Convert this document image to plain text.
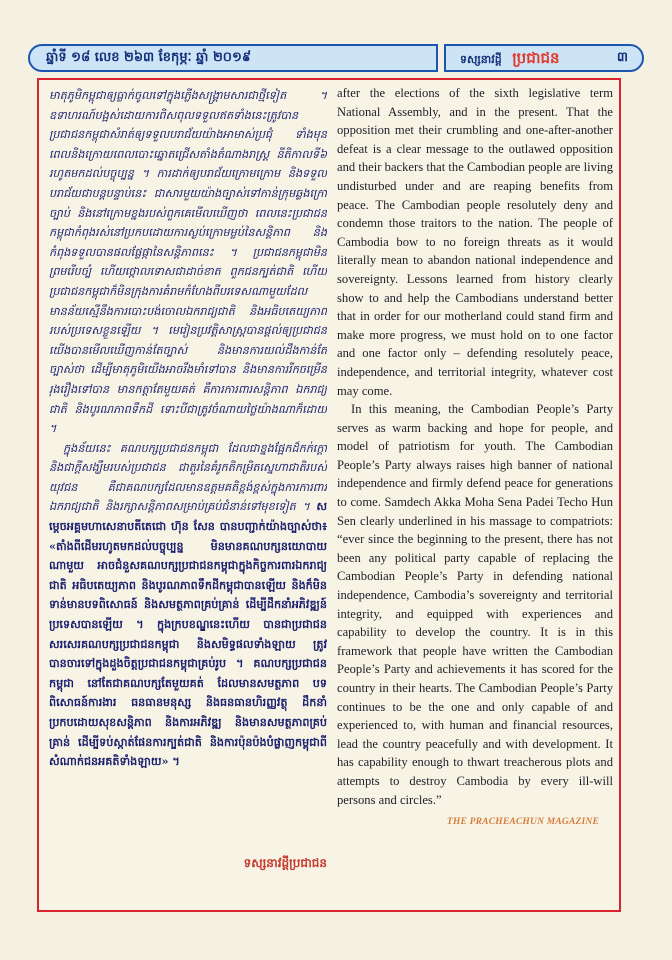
ឆ្នាំទី ១៨ លេខ ២៦៣ ខែកុម្ភៈ ឆ្នាំ ២០១៩	ទស្សនាវដ្តី ប្រជាជន	៣

មាតុភូមិកម្ពុជាឲ្យធ្លាក់ចូលទៅក្នុងភ្លើងសង្គ្រាមសារជាថ្មីទៀត ។ ឧទាហរណ៍បង្អស់ដោយការពិសពុលទទួលឥតទាំងនេះត្រូវបានប្រជាជនកម្ពុជាសំរាត់ឲ្យទទួលបរាជ័យយ៉ាងអាមាស់ប្រជុំ ទាំងមុនពេលនិងក្រោយពេលបោះឆ្នោតជ្រើសតាំងតំណាងរាស្ត្រ នីតិកាលទី៦ រហូតមកដល់បច្ចុប្បន្ន ។ ការដាក់ឲ្យបរាជ័យក្រោមក្រោម និងទទួលបរាជ័យជាបន្តបន្ទាប់នេះ ជាសារមួយយ៉ាងច្បាស់ទៅកាន់ក្រុមឆ្លងក្រៅច្បាប់ និងនៅក្រោមខ្នងរបស់ពួកគេមើលឃើញថា ពេលនេះប្រជាជនកម្ពុជាកំពុងរស់នៅប្រកបដោយការស្ងប់ក្រោមម្លប់នៃសន្តិភាព និងកំពុងទទួលបានផលផ្លែផ្កានៃសន្តិភាពនេះ ។ ប្រជាជនកម្ពុជាមិនព្រមរើបច្បំ ហើយថ្កោលទោសជាដាច់ខាត ពួកជនក្បត់ជាតិ ហើយប្រជាជនកម្ពុជាក៏មិនក្រុងការគំរាមកំហែងពីបរទេសណាមួយដែលមានន័យស្មើនឹងការបោះបង់ចោលឯករាជ្យជាតិ និងអធិបតេយ្យភាពរបស់ប្រទេសខ្លួនឡើយ ។ មេរៀនប្រវត្តិសាស្ត្របានផ្ដល់ឲ្យប្រជាជនយើងបានមើលឃើញកាន់តែច្បាស់ និងមានការយល់ដឹងកាន់តែច្បាស់ថា ដើម្បីមាតុភូមិយើងអាចរឹងមាំទៅបាន និងមានការរីកចម្រើនរុងរឿងទៅបាន មានកត្តាតែមួយគត់ គឺការការពារសន្តិភាព ឯករាជ្យជាតិ និងបូរណភាពទឹកដី ទោះបីជាត្រូវចំណាយថ្លៃយ៉ាងណាក៏ដោយ ។

ក្នុងន័យនេះ គណបក្សប្រជាជនកម្ពុជា ដែលជាខ្នងផ្អែកដ៏កក់ក្ដៅ និងជាក្តីសង្ឃឹមរបស់ប្រជាជន ជាតួរនៃគំរូកតិកម្រិតស្នេហាជាតិរបស់យុវជន គឺជាគណបក្សដែលមានឧត្តមគតិខ្ពង់ខ្ពស់ក្នុងការការពារឯករាជ្យជាតិ និងរក្សាសន្តិភាពសម្រាប់គ្រប់ជំនាន់ទៅមុខទៀត ។ សម្តេចអគ្គមហាសេនាបតីតេជោ ហ៊ុន សែន បានបញ្ជាក់យ៉ាងច្បាស់ថា៖ «តាំងពីដើមរហូតមកដល់បច្ចុប្បន្ន មិនមានគណបក្សនយោបាយណាមួយ អាចជំនួសគណបក្សប្រជាជនកម្ពុជាក្នុងកិច្ចការពារឯករាជ្យជាតិ អធិបតេយ្យភាព និងបូរណភាពទឹកដីកម្ពុជាបានឡើយ និងក៏មិនទាន់មានបទពិសោធន៍ និងសមត្ថភាពគ្រប់គ្រាន់ ដើម្បីដឹកនាំអភិវឌ្ឍន៍ប្រទេសបានឡើយ ។ ក្នុងក្របខណ្ឌនេះហើយ បានជាប្រជាជនសរសេរគណបក្សប្រជាជនកម្ពុជា និងសមិទ្ធផលទាំងឡាយ ត្រូវបានចារទៅក្នុងដួងចិត្តប្រជាជនកម្ពុជាគ្រប់រូប ។ គណបក្សប្រជាជនកម្ពុជា នៅតែជាគណបក្សតែមួយគត់ ដែលមានសមត្ថភាព បទពិសោធន៍ការងារ ធនធានមនុស្ស និងធនធានហិរញ្ញវត្ថុ ដឹកនាំប្រកបដោយសុខសន្តិភាព និងការអភិវឌ្ឍ និងមានសមត្ថភាពគ្រប់គ្រាន់ ដើម្បីទប់ស្កាត់ផែនការក្បត់ជាតិ និងការប៉ុនប៉ងបំផ្លាញកម្ពុជាពីសំណាក់ជនអគតិទាំងឡាយ» ។

ទស្សនាវដ្តីប្រជាជន

after the elections of the sixth legislative term National Assembly, and in the present. That the opposition met their crumbling and one-after-another defeat is a clear message to the outlawed opposition and their backers that the Cambodian people are living undisturbed under and are reaping benefits from peace. The Cambodian people resolutely deny and condemn those traitors to the nation. The people of Cambodia bow to no foreign threats as it would literally mean to abandon national independence and sovereignty. Lessons learned from history clearly show to and help the Cambodians understand better that in order for our motherland could stand firm and make more progress, we must hold on to one factor and one factor only – defending resolutely peace, independence, and territorial integrity, whatever cost may come.

In this meaning, the Cambodian People’s Party serves as warm backing and hope for people, and model of patriotism for youth. The Cambodian People’s Party always raises high banner of national independence and firmly defend peace for generations to come. Samdech Akka Moha Sena Padei Techo Hun Sen clearly underlined in his massage to compatriots: “ever since the beginning to the present, there has not been any political party capable of replacing the Cambodian People’s Party in defending national independence, Cambodia’s sovereignty and territorial integrity, and equipped with experiences and capability to develop the country. It is in this framework that people have written the Cambodian People’s Party and achievements it has scored for the country in their hearts. The Cambodian People’s Party continues to be the one and only capable of and experienced to, with human and financial resources, lead the country peacefully and with development. It has capability enough to thwart treacherous plots and attempts to destroy Cambodia by every ill-will persons and circles.”

THE PRACHEACHUN MAGAZINE
